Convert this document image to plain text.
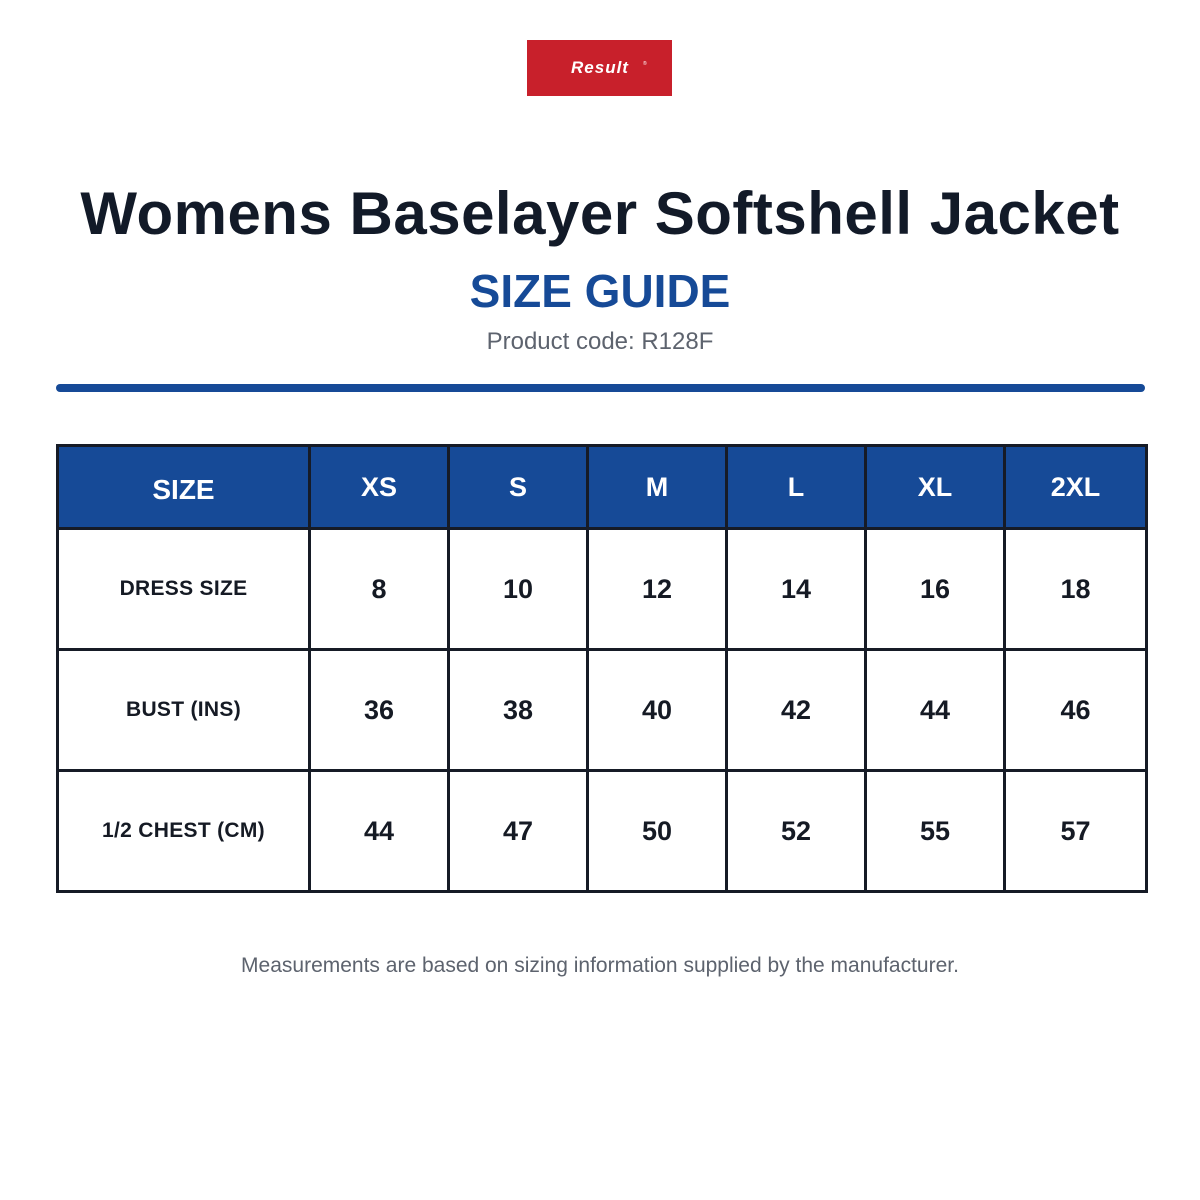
Result	®
Womens Baselayer Softshell Jacket
SIZE GUIDE
Product code: R128F
SIZE	XS	S	M	L	XL	2XL
DRESS SIZE	8	10	12	14	16	18
BUST (INS)	36	38	40	42	44	46
1/2 CHEST (CM)	44	47	50	52	55	57
Measurements are based on sizing information supplied by the manufacturer.
